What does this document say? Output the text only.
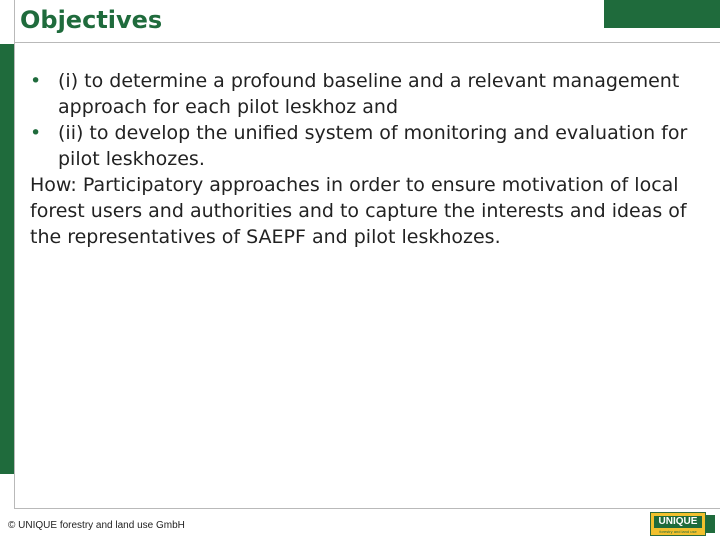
Objectives

• (i) to determine a profound baseline and a relevant management approach for each pilot leskhoz and

• (ii) to develop the unified system of monitoring and evaluation for pilot leskhozes.

How: Participatory approaches in order to ensure motivation of local forest users and authorities and to capture the interests and ideas of the representatives of SAEPF and pilot leskhozes.

© UNIQUE forestry and land use GmbH	UNIQUE
forestry and land use
